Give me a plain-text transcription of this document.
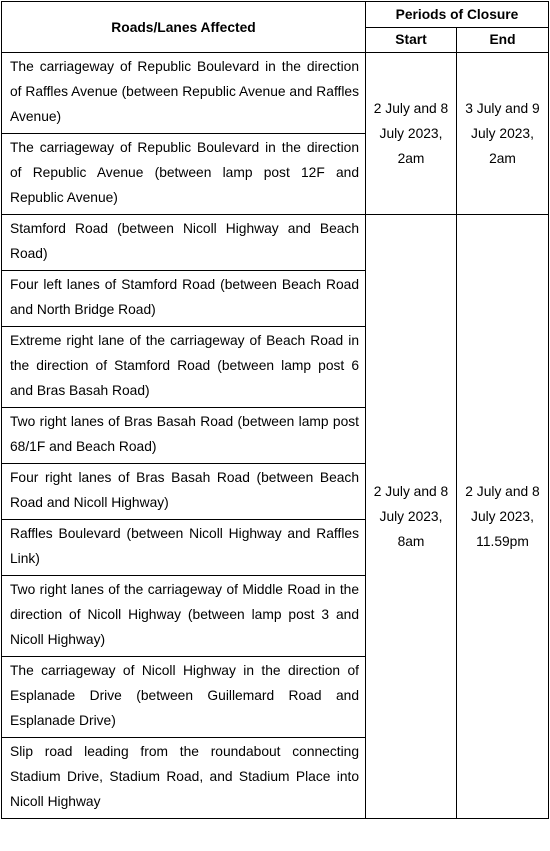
Roads/Lanes Affected	Periods of Closure	
	Start	End
The carriageway of Republic Boulevard in the direction of Raffles Avenue (between Republic Avenue and Raffles Avenue)	2 July and 8 July 2023, 2am	3 July and 9 July 2023, 2am
The carriageway of Republic Boulevard in the direction of Republic Avenue (between lamp post 12F and Republic Avenue)		
Stamford Road (between Nicoll Highway and Beach Road)	2 July and 8 July 2023, 8am	2 July and 8 July 2023, 11.59pm
Four left lanes of Stamford Road (between Beach Road and North Bridge Road)		
Extreme right lane of the carriageway of Beach Road in the direction of Stamford Road (between lamp post 6 and Bras Basah Road)		
Two right lanes of Bras Basah Road (between lamp post 68/1F and Beach Road)		
Four right lanes of Bras Basah Road (between Beach Road and Nicoll Highway)		
Raffles Boulevard (between Nicoll Highway and Raffles Link)		
Two right lanes of the carriageway of Middle Road in the direction of Nicoll Highway (between lamp post 3 and Nicoll Highway)		
The carriageway of Nicoll Highway in the direction of Esplanade Drive (between Guillemard Road and Esplanade Drive)		
Slip road leading from the roundabout connecting Stadium Drive, Stadium Road, and Stadium Place into Nicoll Highway		
